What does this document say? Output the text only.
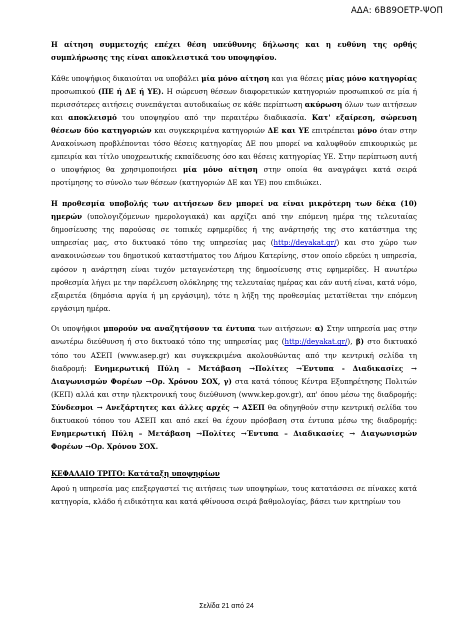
ΑΔΑ: 6Β89ΟΕΤΡ-ΨΟΠ

Η αίτηση συμμετοχής επέχει θέση υπεύθυνης δήλωσης και η ευθύνη της ορθής συμπλήρωσης της είναι αποκλειστικά του υποψηφίου.

Κάθε υποψήφιος δικαιούται να υποβάλει μία μόνο αίτηση και για θέσεις μίας μόνο κατηγορίας προσωπικού (ΠΕ ή ΔΕ ή ΥΕ). Η σώρευση θέσεων διαφορετικών κατηγοριών προσωπικού σε μία ή περισσότερες αιτήσεις συνεπάγεται αυτοδικαίως σε κάθε περίπτωση ακύρωση όλων των αιτήσεων και αποκλεισμό του υποψηφίου από την περαιτέρω διαδικασία. Κατ' εξαίρεση, σώρευση θέσεων δύο κατηγοριών και συγκεκριμένα κατηγοριών ΔΕ και ΥΕ επιτρέπεται μόνο όταν στην Ανακοίνωση προβλέπονται τόσο θέσεις κατηγορίας ΔΕ που μπορεί να καλυφθούν επικουρικώς με εμπειρία και τίτλο υποχρεωτικής εκπαίδευσης όσο και θέσεις κατηγορίας ΥΕ. Στην περίπτωση αυτή ο υποψήφιος θα χρησιμοποιήσει μία μόνο αίτηση στην οποία θα αναγράψει κατά σειρά προτίμησης το σύνολο των θέσεων (κατηγοριών ΔΕ και ΥΕ) που επιδιώκει.

Η προθεσμία υποβολής των αιτήσεων δεν μπορεί να είναι μικρότερη των δέκα (10) ημερών (υπολογιζόμενων ημερολογιακά) και αρχίζει από την επόμενη ημέρα της τελευταίας δημοσίευσης της παρούσας σε τοπικές εφημερίδες ή της ανάρτησής της στο κατάστημα της υπηρεσίας μας, στο δικτυακό τόπο της υπηρεσίας μας (http://deyakat.gr/) και στο χώρο των ανακοινώσεων του δημοτικού καταστήματος του Δήμου Κατερίνης, στον οποίο εδρεύει η υπηρεσία, εφόσον η ανάρτηση είναι τυχόν μεταγενέστερη της δημοσίευσης στις εφημερίδες. Η ανωτέρω προθεσμία λήγει με την παρέλευση ολόκληρης της τελευταίας ημέρας και εάν αυτή είναι, κατά νόμο, εξαιρετέα (δημόσια αργία ή μη εργάσιμη), τότε η λήξη της προθεσμίας μετατίθεται την επόμενη εργάσιμη ημέρα.

Οι υποψήφιοι μπορούν να αναζητήσουν τα έντυπα των αιτήσεων: α) Στην υπηρεσία μας στην ανωτέρω διεύθυνση ή στο δικτυακό τόπο της υπηρεσίας μας (http://deyakat.gr/), β) στο δικτυακό τόπο του ΑΣΕΠ (www.asep.gr) και συγκεκριμένα ακολουθώντας από την κεντρική σελίδα τη διαδρομή: Ενημερωτική Πύλη – Μετάβαση →Πολίτες →Έντυπα - Διαδικασίες → Διαγωνισμών Φορέων →Ορ. Χρόνου ΣΟΧ, γ) στα κατά τόπους Κέντρα Εξυπηρέτησης Πολιτών (ΚΕΠ) αλλά και στην ηλεκτρονική τους διεύθυνση (www.kep.gov.gr), απ' όπου μέσω της διαδρομής: Σύνδεσμοι → Ανεξάρτητες και άλλες αρχές → ΑΣΕΠ θα οδηγηθούν στην κεντρική σελίδα του δικτυακού τόπου του ΑΣΕΠ και από εκεί θα έχουν πρόσβαση στα έντυπα μέσω της διαδρομής: Ενημερωτική Πύλη – Μετάβαση →Πολίτες →Έντυπα – Διαδικασίες → Διαγωνισμών Φορέων →Ορ. Χρόνου ΣΟΧ.

ΚΕΦΑΛΑΙΟ ΤΡΙΤΟ: Κατάταξη υποψηφίων

Αφού η υπηρεσία μας επεξεργαστεί τις αιτήσεις των υποψηφίων, τους κατατάσσει σε πίνακες κατά κατηγορία, κλάδο ή ειδικότητα και κατά φθίνουσα σειρά βαθμολογίας, βάσει των κριτηρίων του

Σελίδα 21 από 24
